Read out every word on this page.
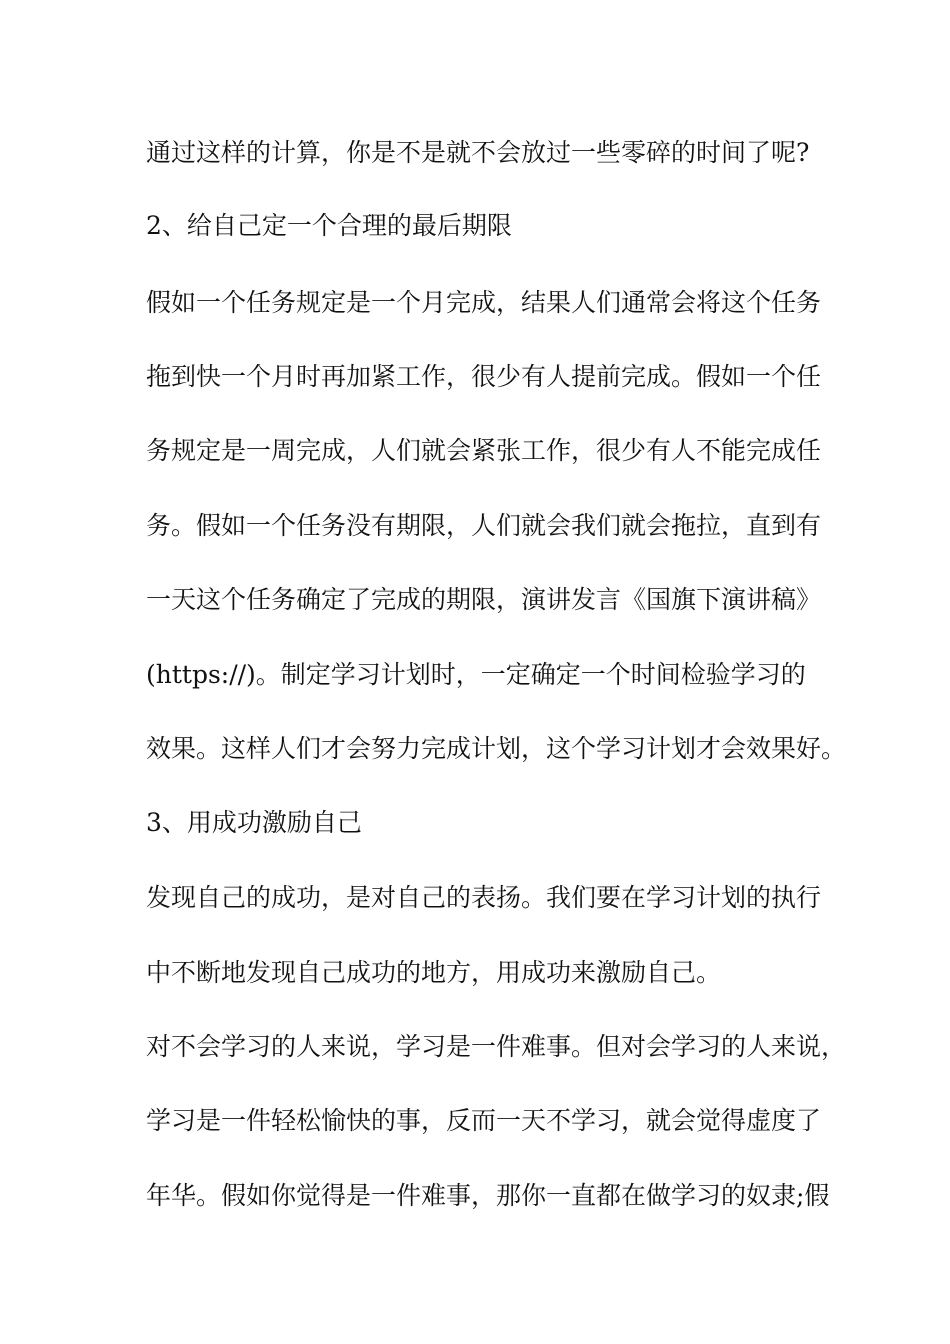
通过这样的计算，你是不是就不会放过一些零碎的时间了呢?
2、给自己定一个合理的最后期限
假如一个任务规定是一个月完成，结果人们通常会将这个任务
拖到快一个月时再加紧工作，很少有人提前完成。假如一个任
务规定是一周完成，人们就会紧张工作，很少有人不能完成任
务。假如一个任务没有期限，人们就会我们就会拖拉，直到有
一天这个任务确定了完成的期限，演讲发言《国旗下演讲稿》
(https://)。制定学习计划时，一定确定一个时间检验学习的
效果。这样人们才会努力完成计划，这个学习计划才会效果好。
3、用成功激励自己
发现自己的成功，是对自己的表扬。我们要在学习计划的执行
中不断地发现自己成功的地方，用成功来激励自己。
对不会学习的人来说，学习是一件难事。但对会学习的人来说，
学习是一件轻松愉快的事，反而一天不学习，就会觉得虚度了
年华。假如你觉得是一件难事，那你一直都在做学习的奴隶;假
